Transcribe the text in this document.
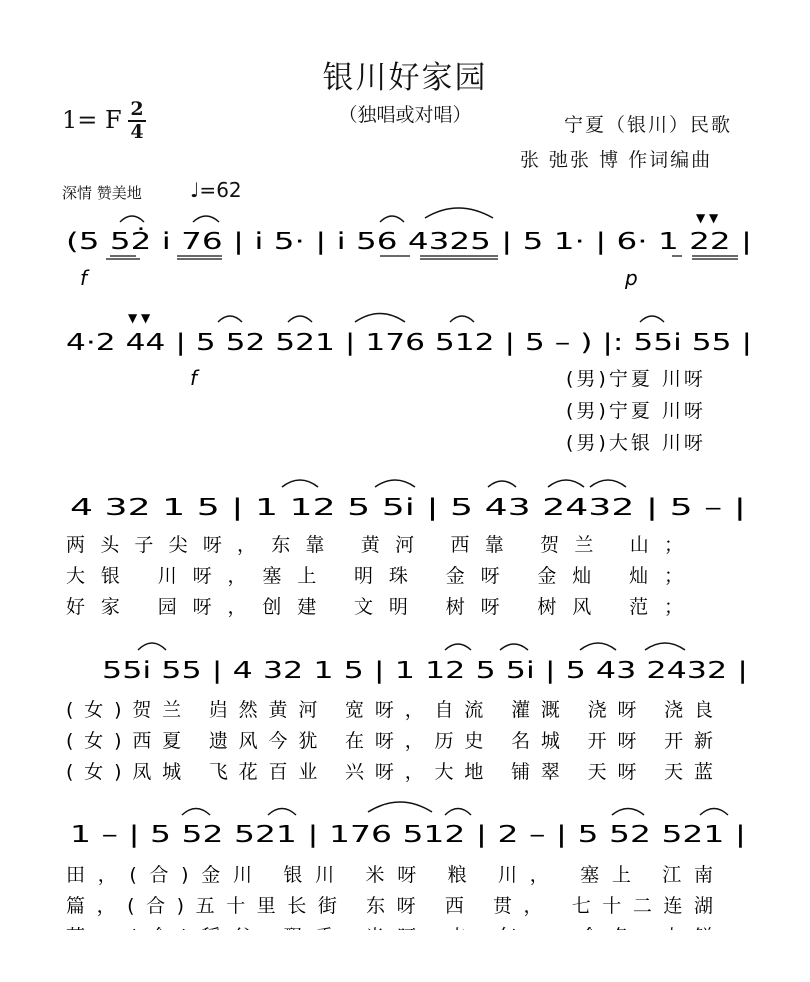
银川好家园
（独唱或对唱）
1= F 2
4	宁夏（银川）民歌
张 弛张 博 作词编曲
深情 赞美地 ♩=62
(5 52̇ i̇ 76 | i̇ 5· | i̇ 56 4325 | 5 1· | 6· 1 22 |
f	p
▼ ▼
4·2 44 | 5 52 521 | 176 512 | 5 – ) |: 55i̇ 55 |
f
▼ ▼
(男)宁夏 川呀
(男)宁夏 川呀
(男)大银 川呀
4 32 1 5 | 1 12 5 5i̇ | 5 43 2432 | 5 – |
两头子尖呀，东靠 黄河 西靠 贺兰 山；
大银 川呀，塞上 明珠 金呀 金灿 灿；
好家 园呀，创建 文明 树呀 树风 范；
55i̇ 55 | 4 32 1 5 | 1 12 5 5i̇ | 5 43 2432 |
(女)贺兰 岿然黄河 宽呀，自流 灌溉 浇呀 浇良
(女)西夏 遗风今犹 在呀，历史 名城 开呀 开新
(女)凤城 飞花百业 兴呀，大地 铺翠 天呀 天蓝
1 – | 5 52 521 | 176 512 | 2 – | 5 52 521 |
田，(合)金川 银川 米呀 粮 川， 塞上 江南
篇，(合)五十里长街 东呀 西 贯， 七十二连湖
